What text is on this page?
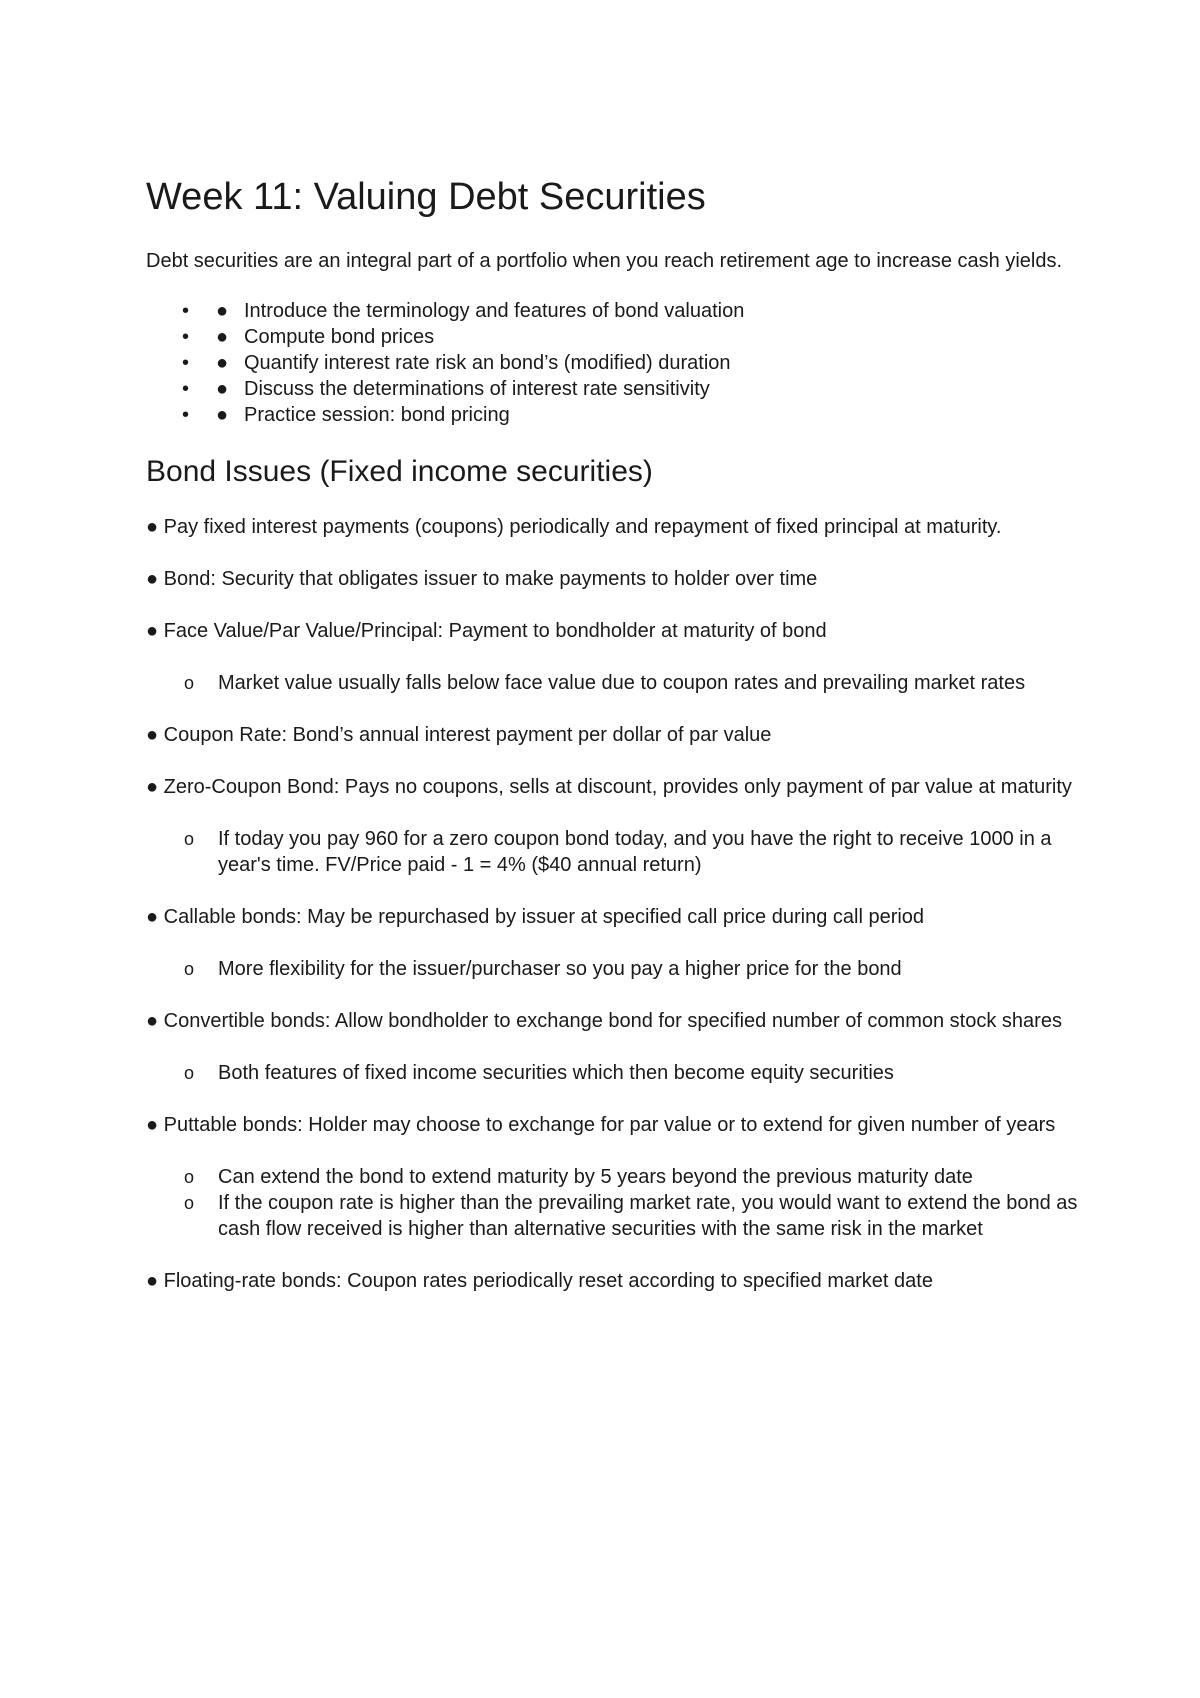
Week 11: Valuing Debt Securities

Debt securities are an integral part of a portfolio when you reach retirement age to increase cash yields.

• ● Introduce the terminology and features of bond valuation
• ● Compute bond prices
• ● Quantify interest rate risk an bond’s (modified) duration
• ● Discuss the determinations of interest rate sensitivity
• ● Practice session: bond pricing
Bond Issues (Fixed income securities)

● Pay fixed interest payments (coupons) periodically and repayment of fixed principal at maturity.

● Bond: Security that obligates issuer to make payments to holder over time

● Face Value/Par Value/Principal: Payment to bondholder at maturity of bond

o Market value usually falls below face value due to coupon rates and prevailing market rates

● Coupon Rate: Bond’s annual interest payment per dollar of par value

● Zero-Coupon Bond: Pays no coupons, sells at discount, provides only payment of par value at maturity

o If today you pay 960 for a zero coupon bond today, and you have the right to receive 1000 in a year's time. FV/Price paid - 1 = 4% ($40 annual return)

● Callable bonds: May be repurchased by issuer at specified call price during call period

o More flexibility for the issuer/purchaser so you pay a higher price for the bond

● Convertible bonds: Allow bondholder to exchange bond for specified number of common stock shares

o Both features of fixed income securities which then become equity securities

● Puttable bonds: Holder may choose to exchange for par value or to extend for given number of years

o Can extend the bond to extend maturity by 5 years beyond the previous maturity date
o If the coupon rate is higher than the prevailing market rate, you would want to extend the bond as cash flow received is higher than alternative securities with the same risk in the market

● Floating-rate bonds: Coupon rates periodically reset according to specified market date
